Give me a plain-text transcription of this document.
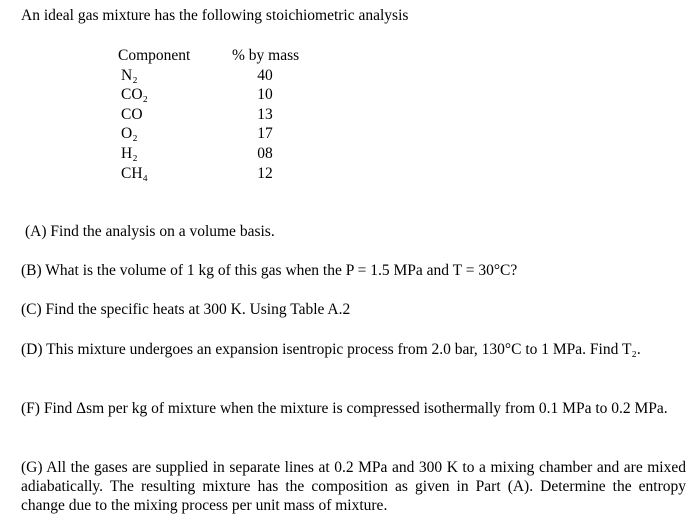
An ideal gas mixture has the following stoichiometric analysis
Component	% by mass
N₂	40
CO₂	10
CO	13
O₂	17
H₂	08
CH₄	12
(A) Find the analysis on a volume basis.
(B) What is the volume of 1 kg of this gas when the P = 1.5 MPa and T = 30°C?
(C) Find the specific heats at 300 K. Using Table A.2
(D) This mixture undergoes an expansion isentropic process from 2.0 bar, 130°C to 1 MPa. Find T₂.
(F) Find Δsm per kg of mixture when the mixture is compressed isothermally from 0.1 MPa to 0.2 MPa.
(G) All the gases are supplied in separate lines at 0.2 MPa and 300 K to a mixing chamber and are mixed adiabatically. The resulting mixture has the composition as given in Part (A). Determine the entropy change due to the mixing process per unit mass of mixture.
